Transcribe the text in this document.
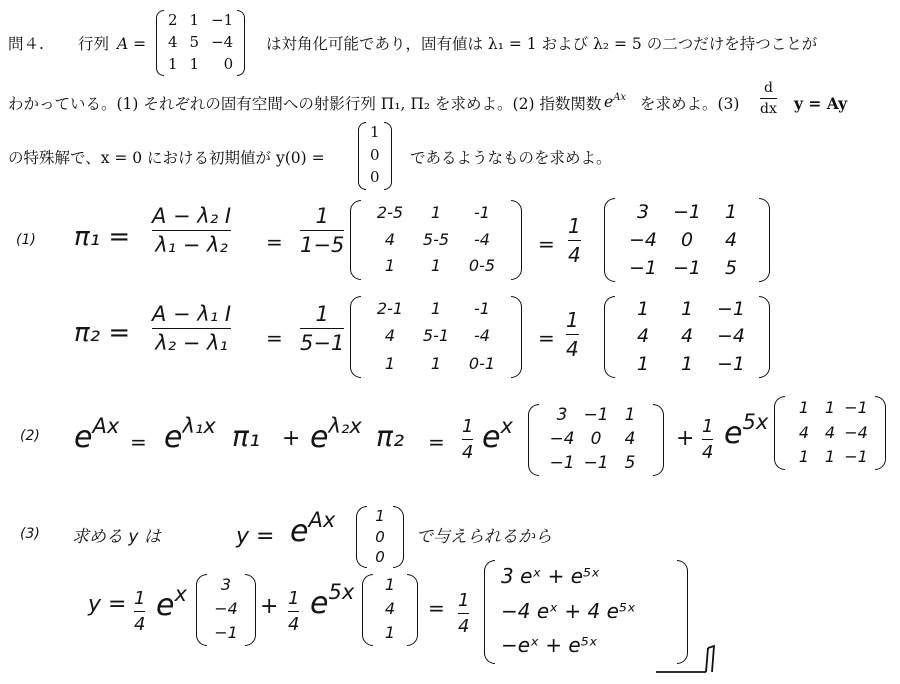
問４. 行列 A =
2 1 −1
4 5 −4
1 1	0
は対角化可能であり，固有値は λ₁ = 1 および λ₂ = 5 の二つだけを持つことが
わかっている。(1) それぞれの固有空間への射影行列 Π₁, Π₂ を求めよ。(2) 指数関数 $e^{Ax}$ を求めよ。(3)
d
dx y = Ay
の特殊解で、x = 0 における初期値が y(0) =
1
0
0
であるようなものを求めよ。
(1) π₁ =
A − λ₂ I
λ₁ − λ₂ =
1
1−5
2-5	1	-1
4	5-5	-4
1	1	0-5
=
1
4
3	−1	1
−4	0	4
−1 −1	5
π₂ =
A − λ₁ I
λ₂ − λ₁ =
1
5−1
2-1	1	-1
4	5-1	-4
1	1	0-1
=
1
4
1	1	−1
4	4	−4
1	1	−1
(2) $e^{Ax}$
= $e^{\lambda_1x}$ $\pi_1 + e^{\lambda_2x}$ π₂ =
1
4 $e^x$	3 −1 1
−4 0	4
−1 −1 5
+ 1
4
$e^{5x}$
1 1 −1
4 4 −4
1 1 −1
(3) 求める y は	$y = e^{Ax}$	1
0
0
で与えられるから
y = 1
4
$e^x$	3
−4
−1
+ 1
4
$e^{5x}$	1
4
1
= 1
4
3 eˣ + e⁵ˣ
−4 eˣ + 4 e⁵ˣ
−eˣ + e⁵ˣ
